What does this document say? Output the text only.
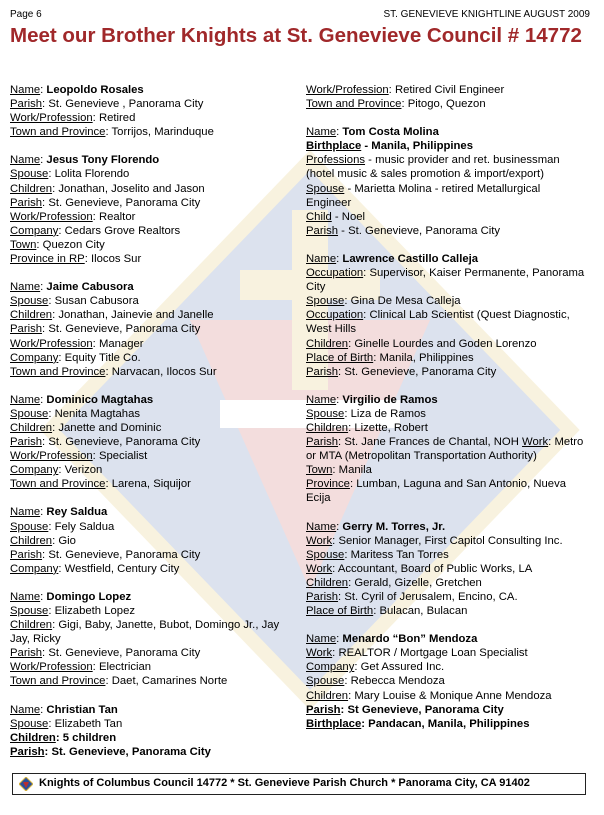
Page 6	ST. GENEVIEVE KNIGHTLINE AUGUST 2009
Meet our Brother Knights at St. Genevieve Council # 14772
Name: Leopoldo Rosales
Parish: St. Genevieve , Panorama City
Work/Profession: Retired
Town and Province: Torrijos, Marinduque
Name: Jesus Tony Florendo
Spouse: Lolita Florendo
Children: Jonathan, Joselito and Jason
Parish: St. Genevieve, Panorama City
Work/Profession: Realtor
Company: Cedars Grove Realtors
Town: Quezon City
Province in RP: Ilocos Sur
Name: Jaime Cabusora
Spouse: Susan Cabusora
Children: Jonathan, Jainevie and Janelle
Parish: St. Genevieve, Panorama City
Work/Profession: Manager
Company: Equity Title Co.
Town and Province: Narvacan, Ilocos Sur
Name: Dominico Magtahas
Spouse: Nenita Magtahas
Children: Janette and Dominic
Parish: St. Genevieve, Panorama City
Work/Profession: Specialist
Company: Verizon
Town and Province: Larena, Siquijor
Name: Rey Saldua
Spouse: Fely Saldua
Children: Gio
Parish: St. Genevieve, Panorama City
Company: Westfield, Century City
Name: Domingo Lopez
Spouse: Elizabeth Lopez
Children: Gigi, Baby, Janette, Bubot, Domingo Jr., Jay Jay, Ricky
Parish: St. Genevieve, Panorama City
Work/Profession: Electrician
Town and Province: Daet, Camarines Norte
Name: Christian Tan
Spouse: Elizabeth Tan
Children: 5 children
Parish: St. Genevieve, Panorama City
Work/Profession: Retired Civil Engineer
Town and Province: Pitogo, Quezon
Name: Tom Costa Molina
Birthplace - Manila, Philippines
Professions - music provider and ret. businessman (hotel music & sales promotion & import/export)
Spouse - Marietta Molina - retired Metallurgical Engineer
Child - Noel
Parish - St. Genevieve, Panorama City
Name: Lawrence Castillo Calleja
Occupation: Supervisor, Kaiser Permanente, Panorama City
Spouse: Gina De Mesa Calleja
Occupation: Clinical Lab Scientist (Quest Diagnostic, West Hills
Children: Ginelle Lourdes and Goden Lorenzo
Place of Birth: Manila, Philippines
Parish: St. Genevieve, Panorama City
Name: Virgilio de Ramos
Spouse: Liza de Ramos
Children: Lizette, Robert
Parish: St. Jane Frances de Chantal, NOH Work: Metro or MTA (Metropolitan Transportation Authority)
Town: Manila
Province: Lumban, Laguna and San Antonio, Nueva Ecija
Name: Gerry M. Torres, Jr.
Work: Senior Manager, First Capitol Consulting Inc.
Spouse: Maritess Tan Torres
Work: Accountant, Board of Public Works, LA
Children: Gerald, Gizelle, Gretchen
Parish: St. Cyril of Jerusalem, Encino, CA.
Place of Birth: Bulacan, Bulacan
Name: Menardo “Bon” Mendoza
Work: REALTOR / Mortgage Loan Specialist
Company: Get Assured Inc.
Spouse: Rebecca Mendoza
Children: Mary Louise & Monique Anne Mendoza
Parish: St Genevieve, Panorama City
Birthplace: Pandacan, Manila, Philippines
Knights of Columbus Council 14772 * St. Genevieve Parish Church * Panorama City, CA 91402
